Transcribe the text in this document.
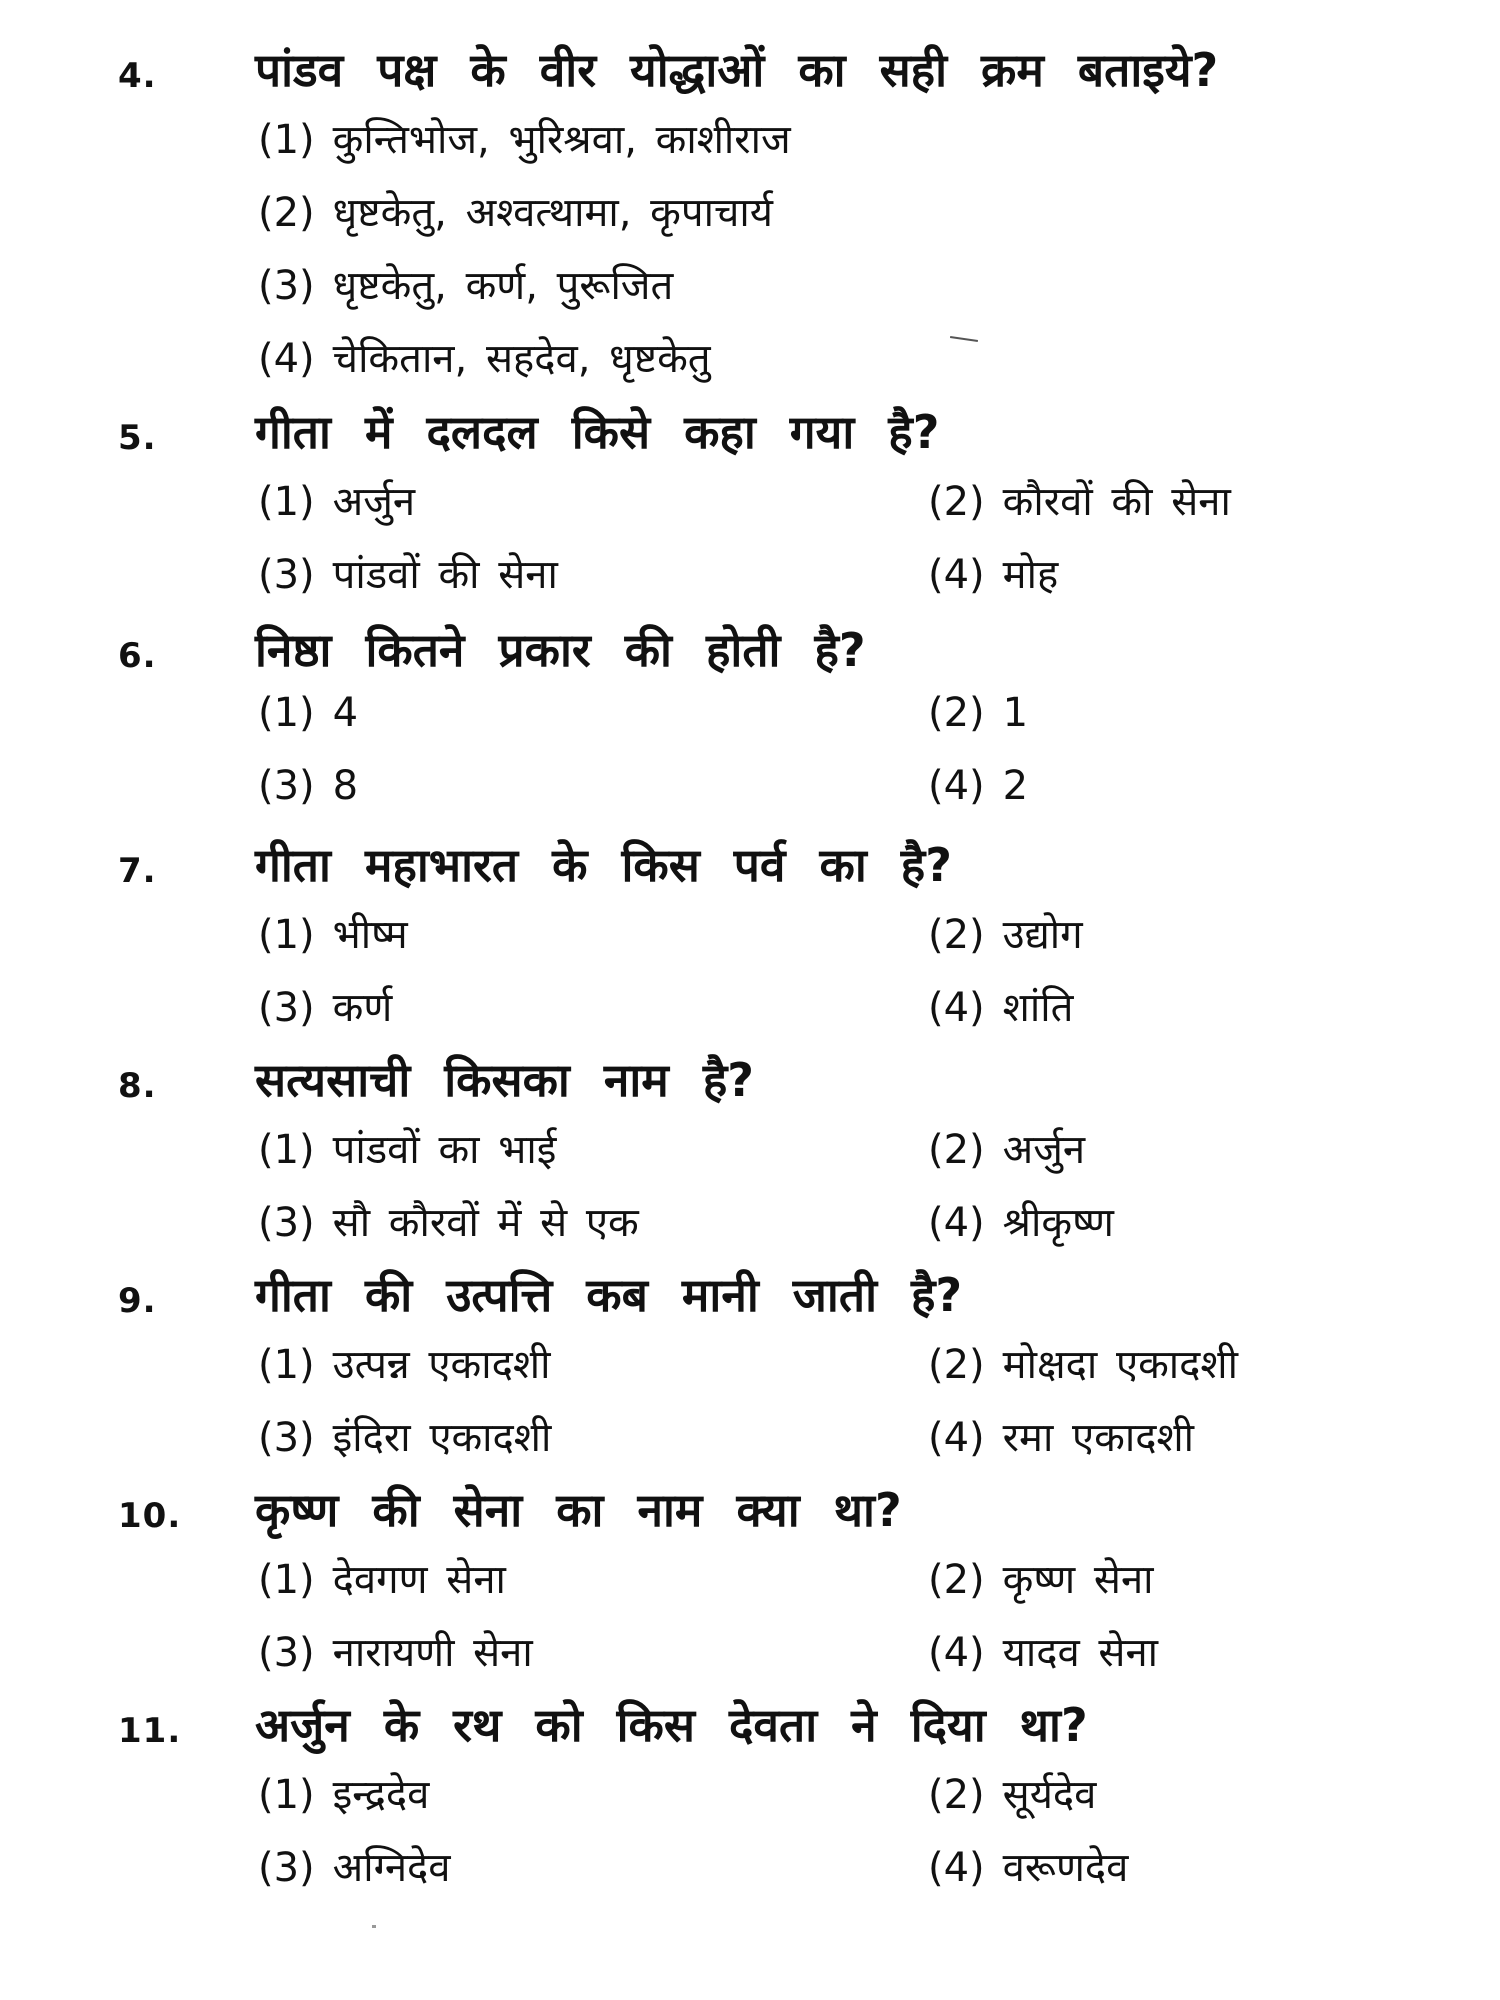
4. पांडव पक्ष के वीर योद्धाओं का सही क्रम बताइये?
(1) कुन्तिभोज, भुरिश्रवा, काशीराज
(2) धृष्टकेतु, अश्वत्थामा, कृपाचार्य
(3) धृष्टकेतु, कर्ण, पुरूजित
(4) चेकितान, सहदेव, धृष्टकेतु
5. गीता में दलदल किसे कहा गया है?
(1) अर्जुन	(2) कौरवों की सेना
(3) पांडवों की सेना	(4) मोह
6. निष्ठा कितने प्रकार की होती है?
(1) 4	(2) 1
(3) 8	(4) 2
7. गीता महाभारत के किस पर्व का है?
(1) भीष्म	(2) उद्योग
(3) कर्ण	(4) शांति
8. सत्यसाची किसका नाम है?
(1) पांडवों का भाई	(2) अर्जुन
(3) सौ कौरवों में से एक	(4) श्रीकृष्ण
9. गीता की उत्पत्ति कब मानी जाती है?
(1) उत्पन्न एकादशी	(2) मोक्षदा एकादशी
(3) इंदिरा एकादशी	(4) रमा एकादशी
10. कृष्ण की सेना का नाम क्या था?
(1) देवगण सेना	(2) कृष्ण सेना
(3) नारायणी सेना	(4) यादव सेना
11. अर्जुन के रथ को किस देवता ने दिया था?
(1) इन्द्रदेव	(2) सूर्यदेव
(3) अग्निदेव	(4) वरूणदेव
